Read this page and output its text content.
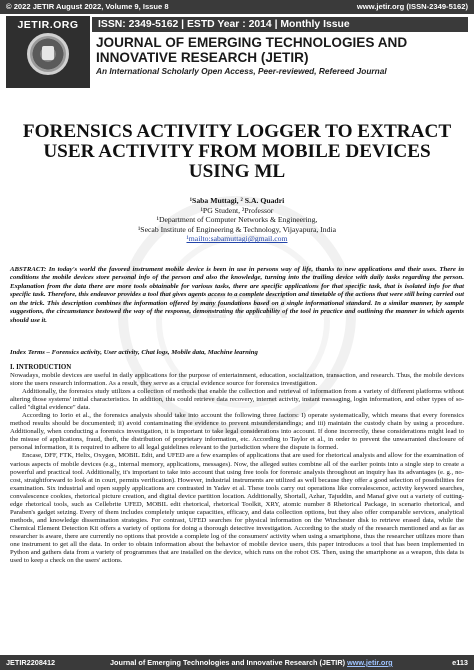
© 2022 JETIR August 2022, Volume 9, Issue 8	www.jetir.org (ISSN-2349-5162)
JETIR.ORG	ISSN: 2349-5162 | ESTD Year : 2014 | Monthly Issue
JOURNAL OF EMERGING TECHNOLOGIES AND
INNOVATIVE RESEARCH (JETIR)
An International Scholarly Open Access, Peer-reviewed, Refereed Journal
JETIR
FORENSICS ACTIVITY LOGGER TO EXTRACT
USER ACTIVITY FROM MOBILE DEVICES
USING ML
¹Saba Muttagi, ² S.A. Quadri
¹PG Student, ²Professor
¹Department of Computer Networks & Engineering,
¹Secab Institute of Engineering & Technology, Vijayapura, India
¹mailto:sabamuttagi@gmail.com
ABSTRACT: In today's world the favored instrument mobile device is been in use in persons way of life, thanks to new applications and their uses. There in conditions the mobile devices store personal info of the person and also the knowledge, turning into the trailing device with daily tasks regarding the person. Explanation from the data there are more tools obtainable for various tasks, there are specific applications for that specific task, that is isolated info for that specific task. Therefore, this endeavor provides a tool that gives agents access to a complete description and timetable of the actions that were still being carried out on the trick. This description combines the information offered by many foundations based on a single informational standard. In a similar manner, by sample suggestions, the circumstance bestowed the way of the response, demonstrating the applicability of the tool in practice and outlining the manner in which agents should use it.
Index Terms – Forensics activity, User activity, Chat logs, Mobile data, Machine learning
I. INTRODUCTION

Nowadays, mobile devices are useful in daily applications for the purpose of entertainment, education, socialization, transaction, and research. Thus, the mobile devices store the users research information. As a result, they serve as a crucial evidence source for forensics investigation.

Additionally, the forensics study utilizes a collection of methods that enable the collection and retrieval of information from a variety of different platforms without altering those systems' initial characteristics. In addition, this could retrieve data recovery, internet activity, instant messaging, login information, and other types of so-called "digital evidence" data.

According to Iorio et al., the forensics analysis should take into account the following three factors: I) operate systematically, which means that every forensics method results should be documented; ii) avoid contaminating the evidence to prevent misunderstandings; and iii) maintain the custody chain by using a procedure. Additionally, when conducting a forensics investigation, it is important to take legal considerations into account. If done incorrectly, these considerations might lead to the misuse of applications, fraud, theft, the distribution of proprietary information, etc. According to Taylor et al., in order to prevent the unwarranted disclosure of personal information, it is required to adhere to all legal guidelines relevant to the jurisdiction where the dispute is formed.

Encase, DFF, FTK, Helix, Oxygen, MOBIL Edit, and UFED are a few examples of applications that are used for rhetorical analysis and allow for the examination of various aspects of mobile devices (e.g., internal memory, applications, messages). Now, the alleged suites combine all of the earlier points into a single step to create a powerful and practical tool. Additionally, it's important to take into account that using free tools for forensic analysis throughout an inquiry has its advantages (e. g., no-cost, straightforward to look at in court, permits verification). However, industrial instruments are utilized as well because they offer a good selection of possibilities for examination. Six industrial and open supply applications are contrasted in Yadav et al. These tools carry out operations like convalescence, activity keyword searches, convalescence cookies, rhetorical picture creation, and digital device partition location. Additionally, Shortall, Azhar, Tajuddin, and Manaf give out a variety of cutting-edge rhetorical tools, such as Cellebrite UFED, MOBIL edit rhetorical, rhetorical Toolkit, XRY, atomic number 8 Rhetorical Package, in scenario rhetorical, and Paraben's gadget seizing. Every of them includes completely unique capacities, efficacy, and data collection options, but they also offer comparable services, analytical methods, and knowledge dissemination strategies. For contrast, UFED searches for physical information on the Winchester disk to retrieve erased data, while the Chemical Element Detection Kit offers a variety of options for doing a thorough detective investigation. According to the study of the research mentioned and as far as researcher is aware, there are currently no options that provide a complete log of the consumers' activity when using a smartphone, thus the researcher utilizes more than one instrument to get all the data. In order to obtain information about the behavior of mobile device users, this paper introduces a tool that has been implemented in Python and gathers data from a variety of programmes that are installed on the device, which runs on the robot OS. Then, using the smartphone as a weapon, this data is used to keep a check on the users' actions.

JETIR2208412	Journal of Emerging Technologies and Innovative Research (JETIR) www.jetir.org	e113
